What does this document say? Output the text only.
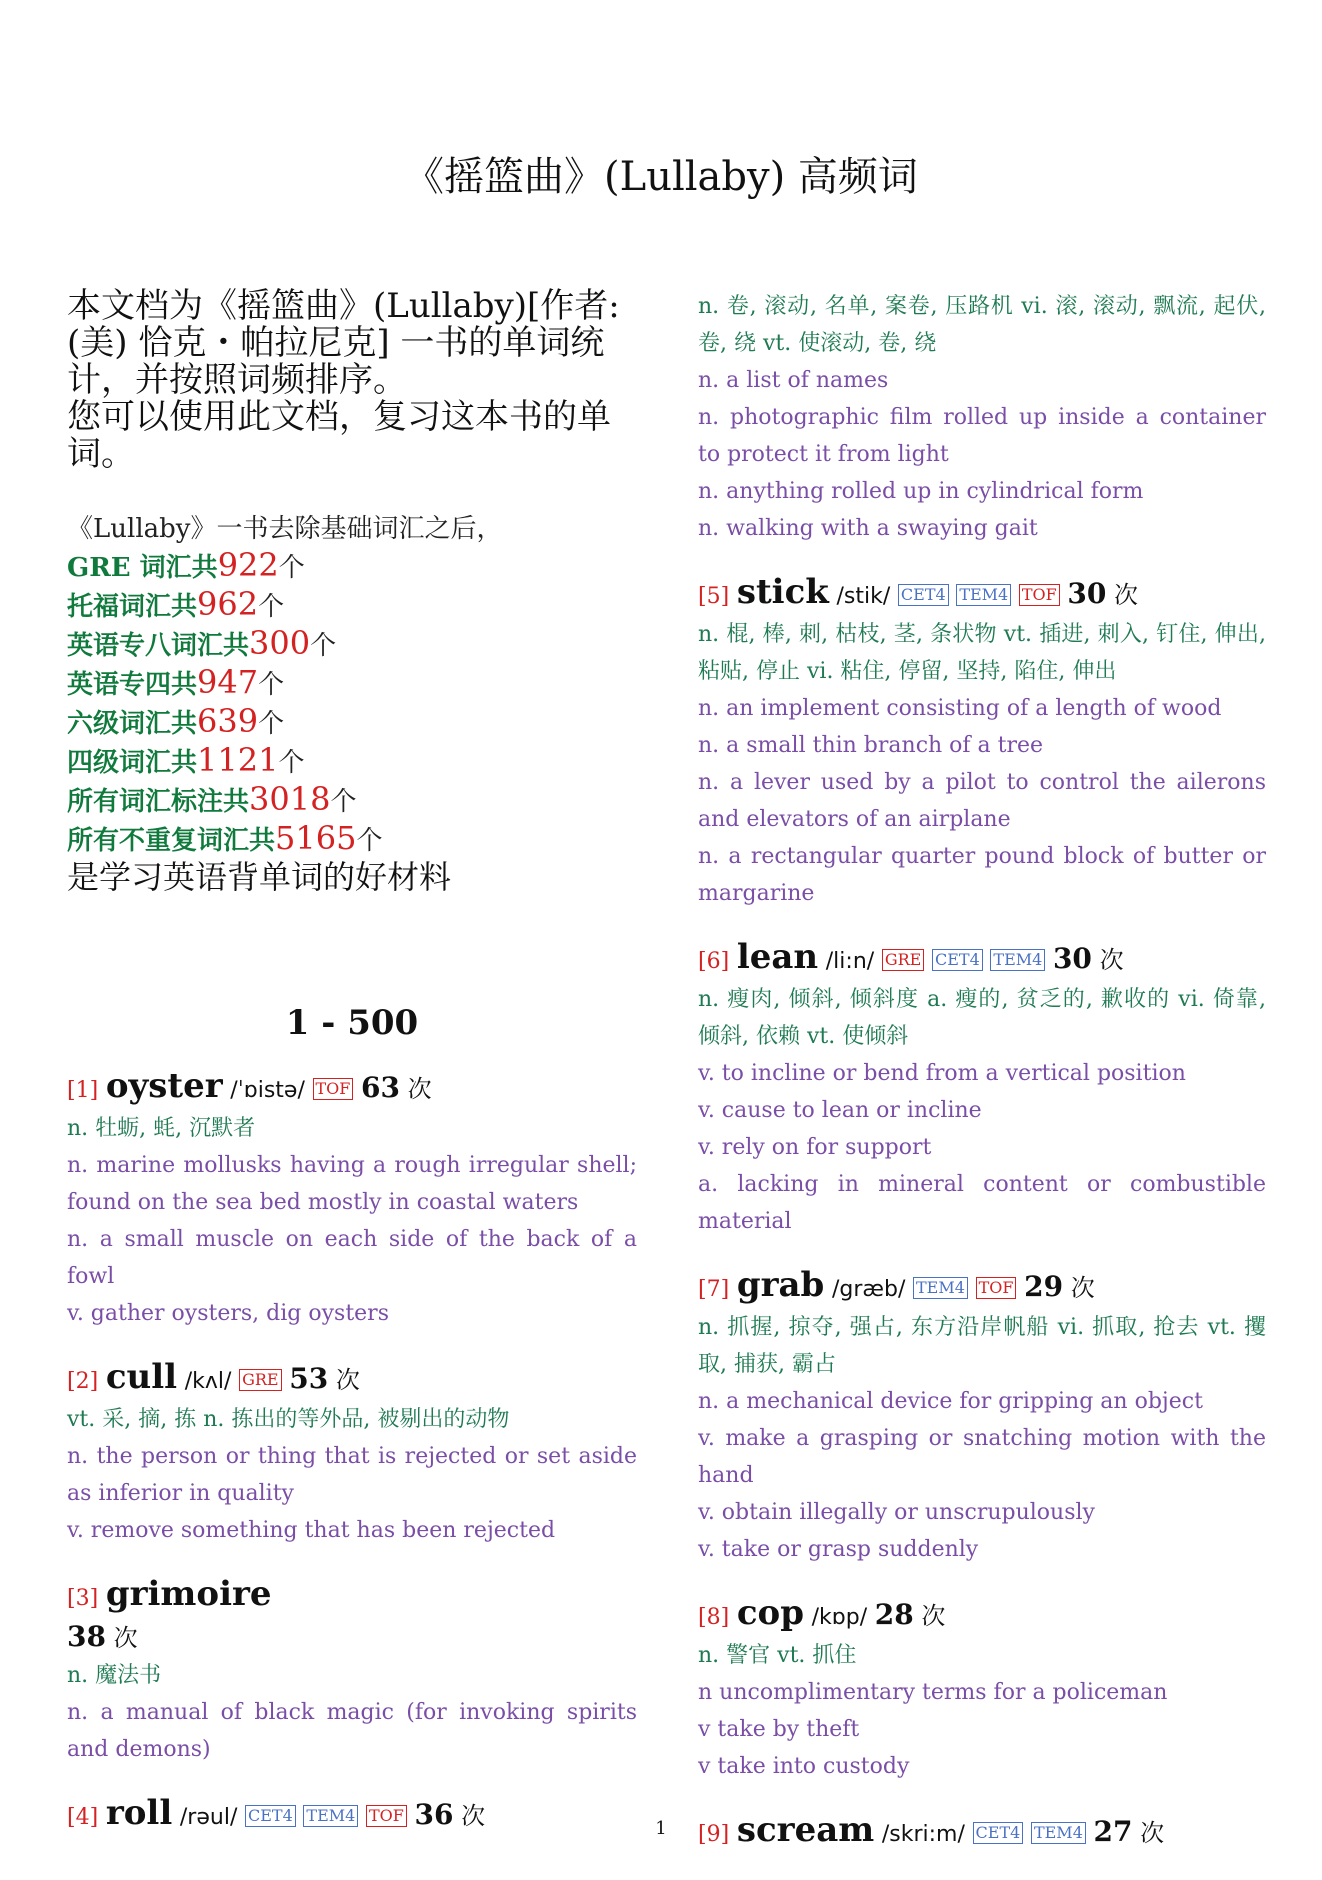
《摇篮曲》(Lullaby) 高频词
本文档为《摇篮曲》(Lullaby)[作者: (美) 恰克・帕拉尼克] 一书的单词统计，并按照词频排序。
您可以使用此文档，复习这本书的单词。
《Lullaby》一书去除基础词汇之后，
GRE 词汇共922个
托福词汇共962个
英语专八词汇共300个
英语专四共947个
六级词汇共639个
四级词汇共1121个
所有词汇标注共3018个
所有不重复词汇共5165个
是学习英语背单词的好材料
1 - 500
[1] oyster /ˈɒistə/ TOF 63 次
n. 牡蛎, 蚝, 沉默者
n. marine mollusks having a rough irregular shell; found on the sea bed mostly in coastal waters
n. a small muscle on each side of the back of a fowl
v. gather oysters, dig oysters
[2] cull /kʌl/ GRE 53 次
vt. 采, 摘, 拣 n. 拣出的等外品, 被剔出的动物
n. the person or thing that is rejected or set aside as inferior in quality
v. remove something that has been rejected
[3] grimoire
38 次
n. 魔法书
n. a manual of black magic (for invoking spirits and demons)
[4] roll /rəul/ CET4 TEM4 TOF 36 次
n. 卷, 滚动, 名单, 案卷, 压路机 vi. 滚, 滚动, 飘流, 起伏, 卷, 绕 vt. 使滚动, 卷, 绕
n. a list of names
n. photographic film rolled up inside a container to protect it from light
n. anything rolled up in cylindrical form
n. walking with a swaying gait
[5] stick /stik/ CET4 TEM4 TOF 30 次
n. 棍, 棒, 刺, 枯枝, 茎, 条状物 vt. 插进, 刺入, 钉住, 伸出, 粘贴, 停止 vi. 粘住, 停留, 坚持, 陷住, 伸出
n. an implement consisting of a length of wood
n. a small thin branch of a tree
n. a lever used by a pilot to control the ailerons and elevators of an airplane
n. a rectangular quarter pound block of butter or margarine
[6] lean /li:n/ GRE CET4 TEM4 30 次
n. 瘦肉, 倾斜, 倾斜度 a. 瘦的, 贫乏的, 歉收的 vi. 倚靠, 倾斜, 依赖 vt. 使倾斜
v. to incline or bend from a vertical position
v. cause to lean or incline
v. rely on for support
a. lacking in mineral content or combustible material
[7] grab /græb/ TEM4 TOF 29 次
n. 抓握, 掠夺, 强占, 东方沿岸帆船 vi. 抓取, 抢去 vt. 攫取, 捕获, 霸占
n. a mechanical device for gripping an object
v. make a grasping or snatching motion with the hand
v. obtain illegally or unscrupulously
v. take or grasp suddenly
[8] cop /kɒp/ 28 次
n. 警官 vt. 抓住
n uncomplimentary terms for a policeman
v take by theft
v take into custody
[9] scream /skri:m/ CET4 TEM4 27 次
1
